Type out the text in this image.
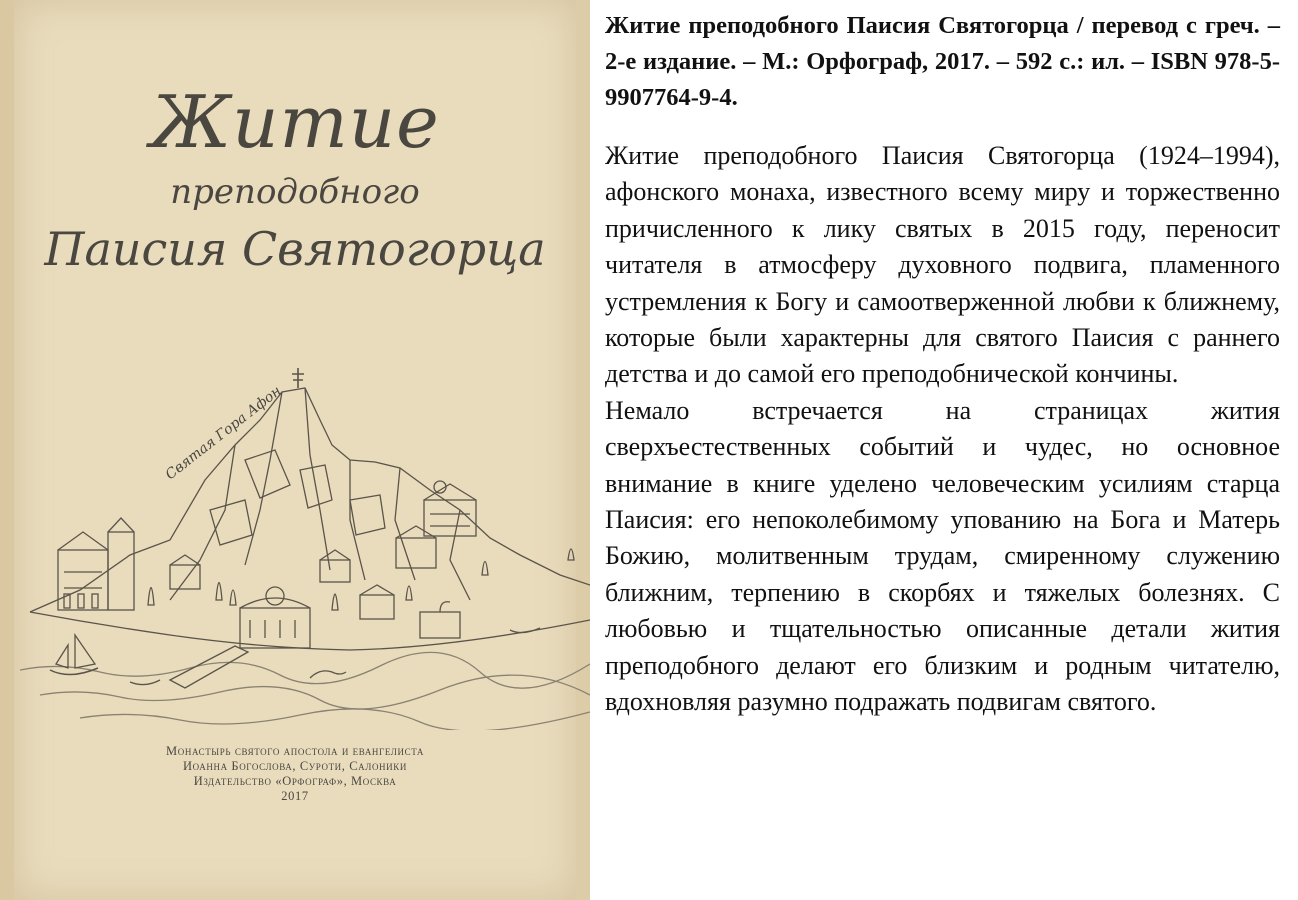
Житие
преподобного
Паисия Святогорца
Святая Гора Афон
Монастырь святого апостола и евангелиста
Иоанна Богослова, Суроти, Салоники
Издательство «Орфограф», Москва
2017

Житие преподобного Паисия Святогорца / перевод с греч. – 2-е издание. – М.: Орфограф, 2017. – 592 с.: ил. – ISBN 978-5-9907764-9-4.

Житие преподобного Паисия Святогорца (1924–1994), афонского монаха, известного всему миру и торжественно причисленного к лику святых в 2015 году, переносит читателя в атмосферу духовного подвига, пламенного устремления к Богу и самоотверженной любви к ближнему, которые были характерны для святого Паисия с раннего детства и до самой его преподобнической кончины.

Немало встречается на страницах жития сверхъестественных событий и чудес, но основное внимание в книге уделено человеческим усилиям старца Паисия: его непоколебимому упованию на Бога и Матерь Божию, молитвенным трудам, смиренному служению ближним, терпению в скорбях и тяжелых болезнях. С любовью и тщательностью описанные детали жития преподобного делают его близким и родным читателю, вдохновляя разумно подражать подвигам святого.
